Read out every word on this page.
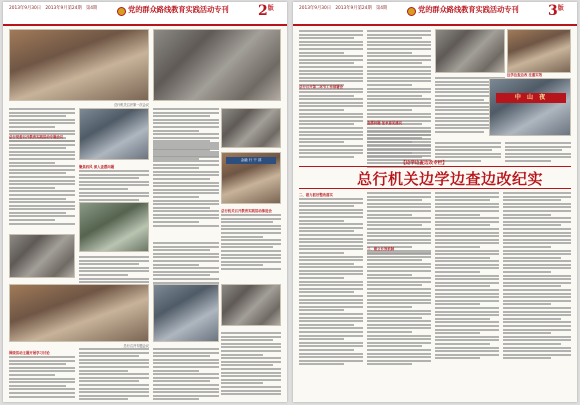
2013年9月30日　2013年9月第24期　第4期	党的群众路线教育实践活动专刊 $2^版$
总行机关召开第一次会议
总行党委召开教育实践活动专题会议
聚焦四风 深入查摆问题
金融 行 干 部
总行机关召开教育实践活动推进会
总行召开专题会议
围绕活动主题开展学习讨论
2013年9月30日　2013年9月第24期　第4期	党的群众路线教育实践活动专刊 $3^版$
总行召开第二环节工作部署会
查摆问题 征求意见建议
中 山 夜
边学边查边改 注重实效
【边学边查边改专栏】
总行机关边学边查边改纪实
二、着力抓好整改落实
三、建立长效机制
